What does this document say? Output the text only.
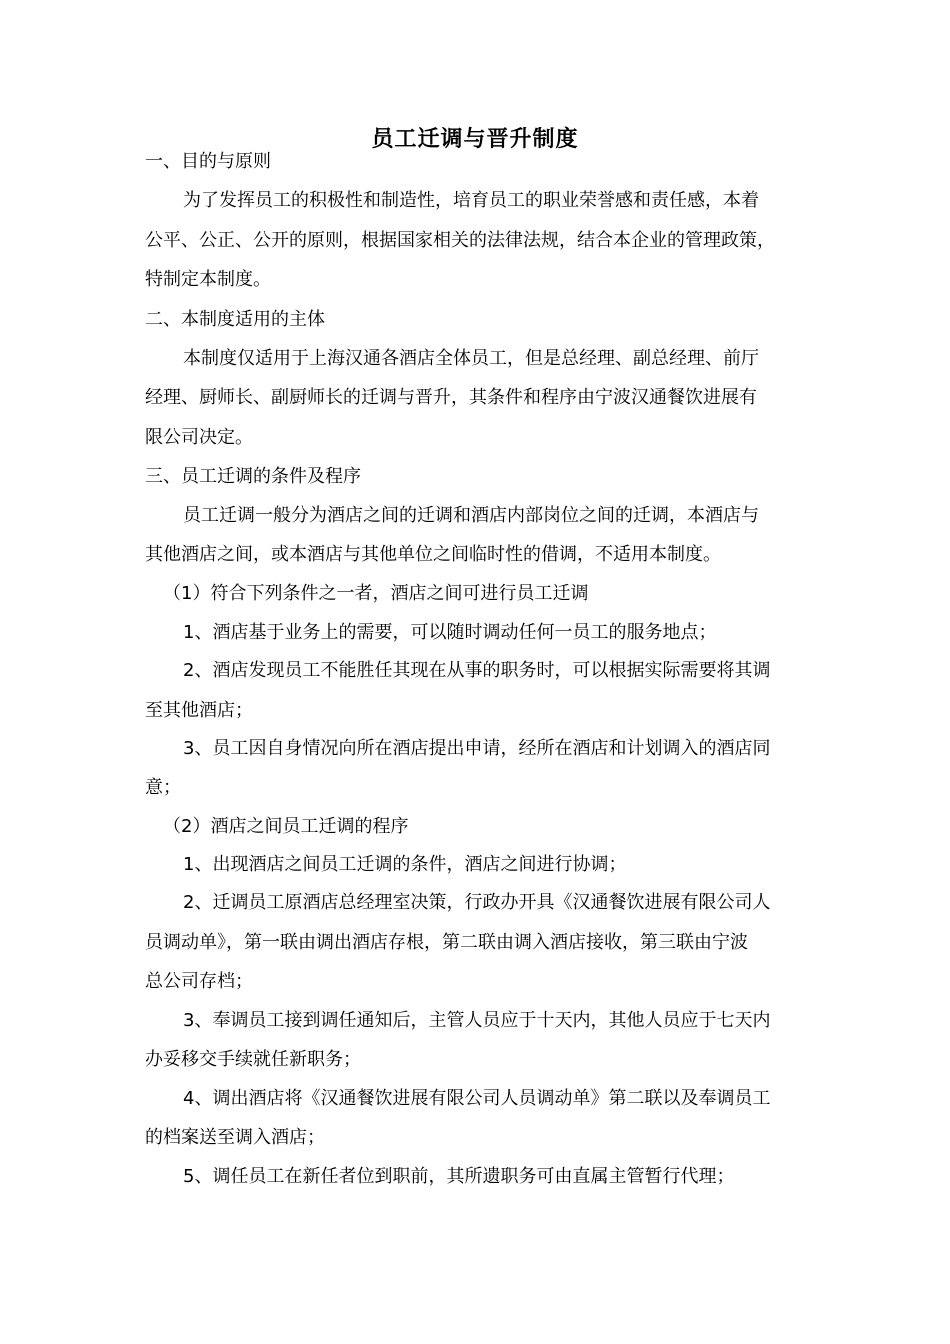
员工迁调与晋升制度
一、目的与原则
为了发挥员工的积极性和制造性，培育员工的职业荣誉感和责任感，本着
公平、公正、公开的原则，根据国家相关的法律法规，结合本企业的管理政策，
特制定本制度。
二、本制度适用的主体
本制度仅适用于上海汉通各酒店全体员工，但是总经理、副总经理、前厅
经理、厨师长、副厨师长的迁调与晋升，其条件和程序由宁波汉通餐饮进展有
限公司决定。
三、员工迁调的条件及程序
员工迁调一般分为酒店之间的迁调和酒店内部岗位之间的迁调，本酒店与
其他酒店之间，或本酒店与其他单位之间临时性的借调，不适用本制度。
（1）符合下列条件之一者，酒店之间可进行员工迁调
1、酒店基于业务上的需要，可以随时调动任何一员工的服务地点；
2、酒店发现员工不能胜任其现在从事的职务时，可以根据实际需要将其调
至其他酒店；
3、员工因自身情况向所在酒店提出申请，经所在酒店和计划调入的酒店同
意；
（2）酒店之间员工迁调的程序
1、出现酒店之间员工迁调的条件，酒店之间进行协调；
2、迁调员工原酒店总经理室决策，行政办开具《汉通餐饮进展有限公司人
员调动单》，第一联由调出酒店存根，第二联由调入酒店接收，第三联由宁波
总公司存档；
3、奉调员工接到调任通知后，主管人员应于十天内，其他人员应于七天内
办妥移交手续就任新职务；
4、调出酒店将《汉通餐饮进展有限公司人员调动单》第二联以及奉调员工
的档案送至调入酒店；
5、调任员工在新任者位到职前，其所遗职务可由直属主管暂行代理；
